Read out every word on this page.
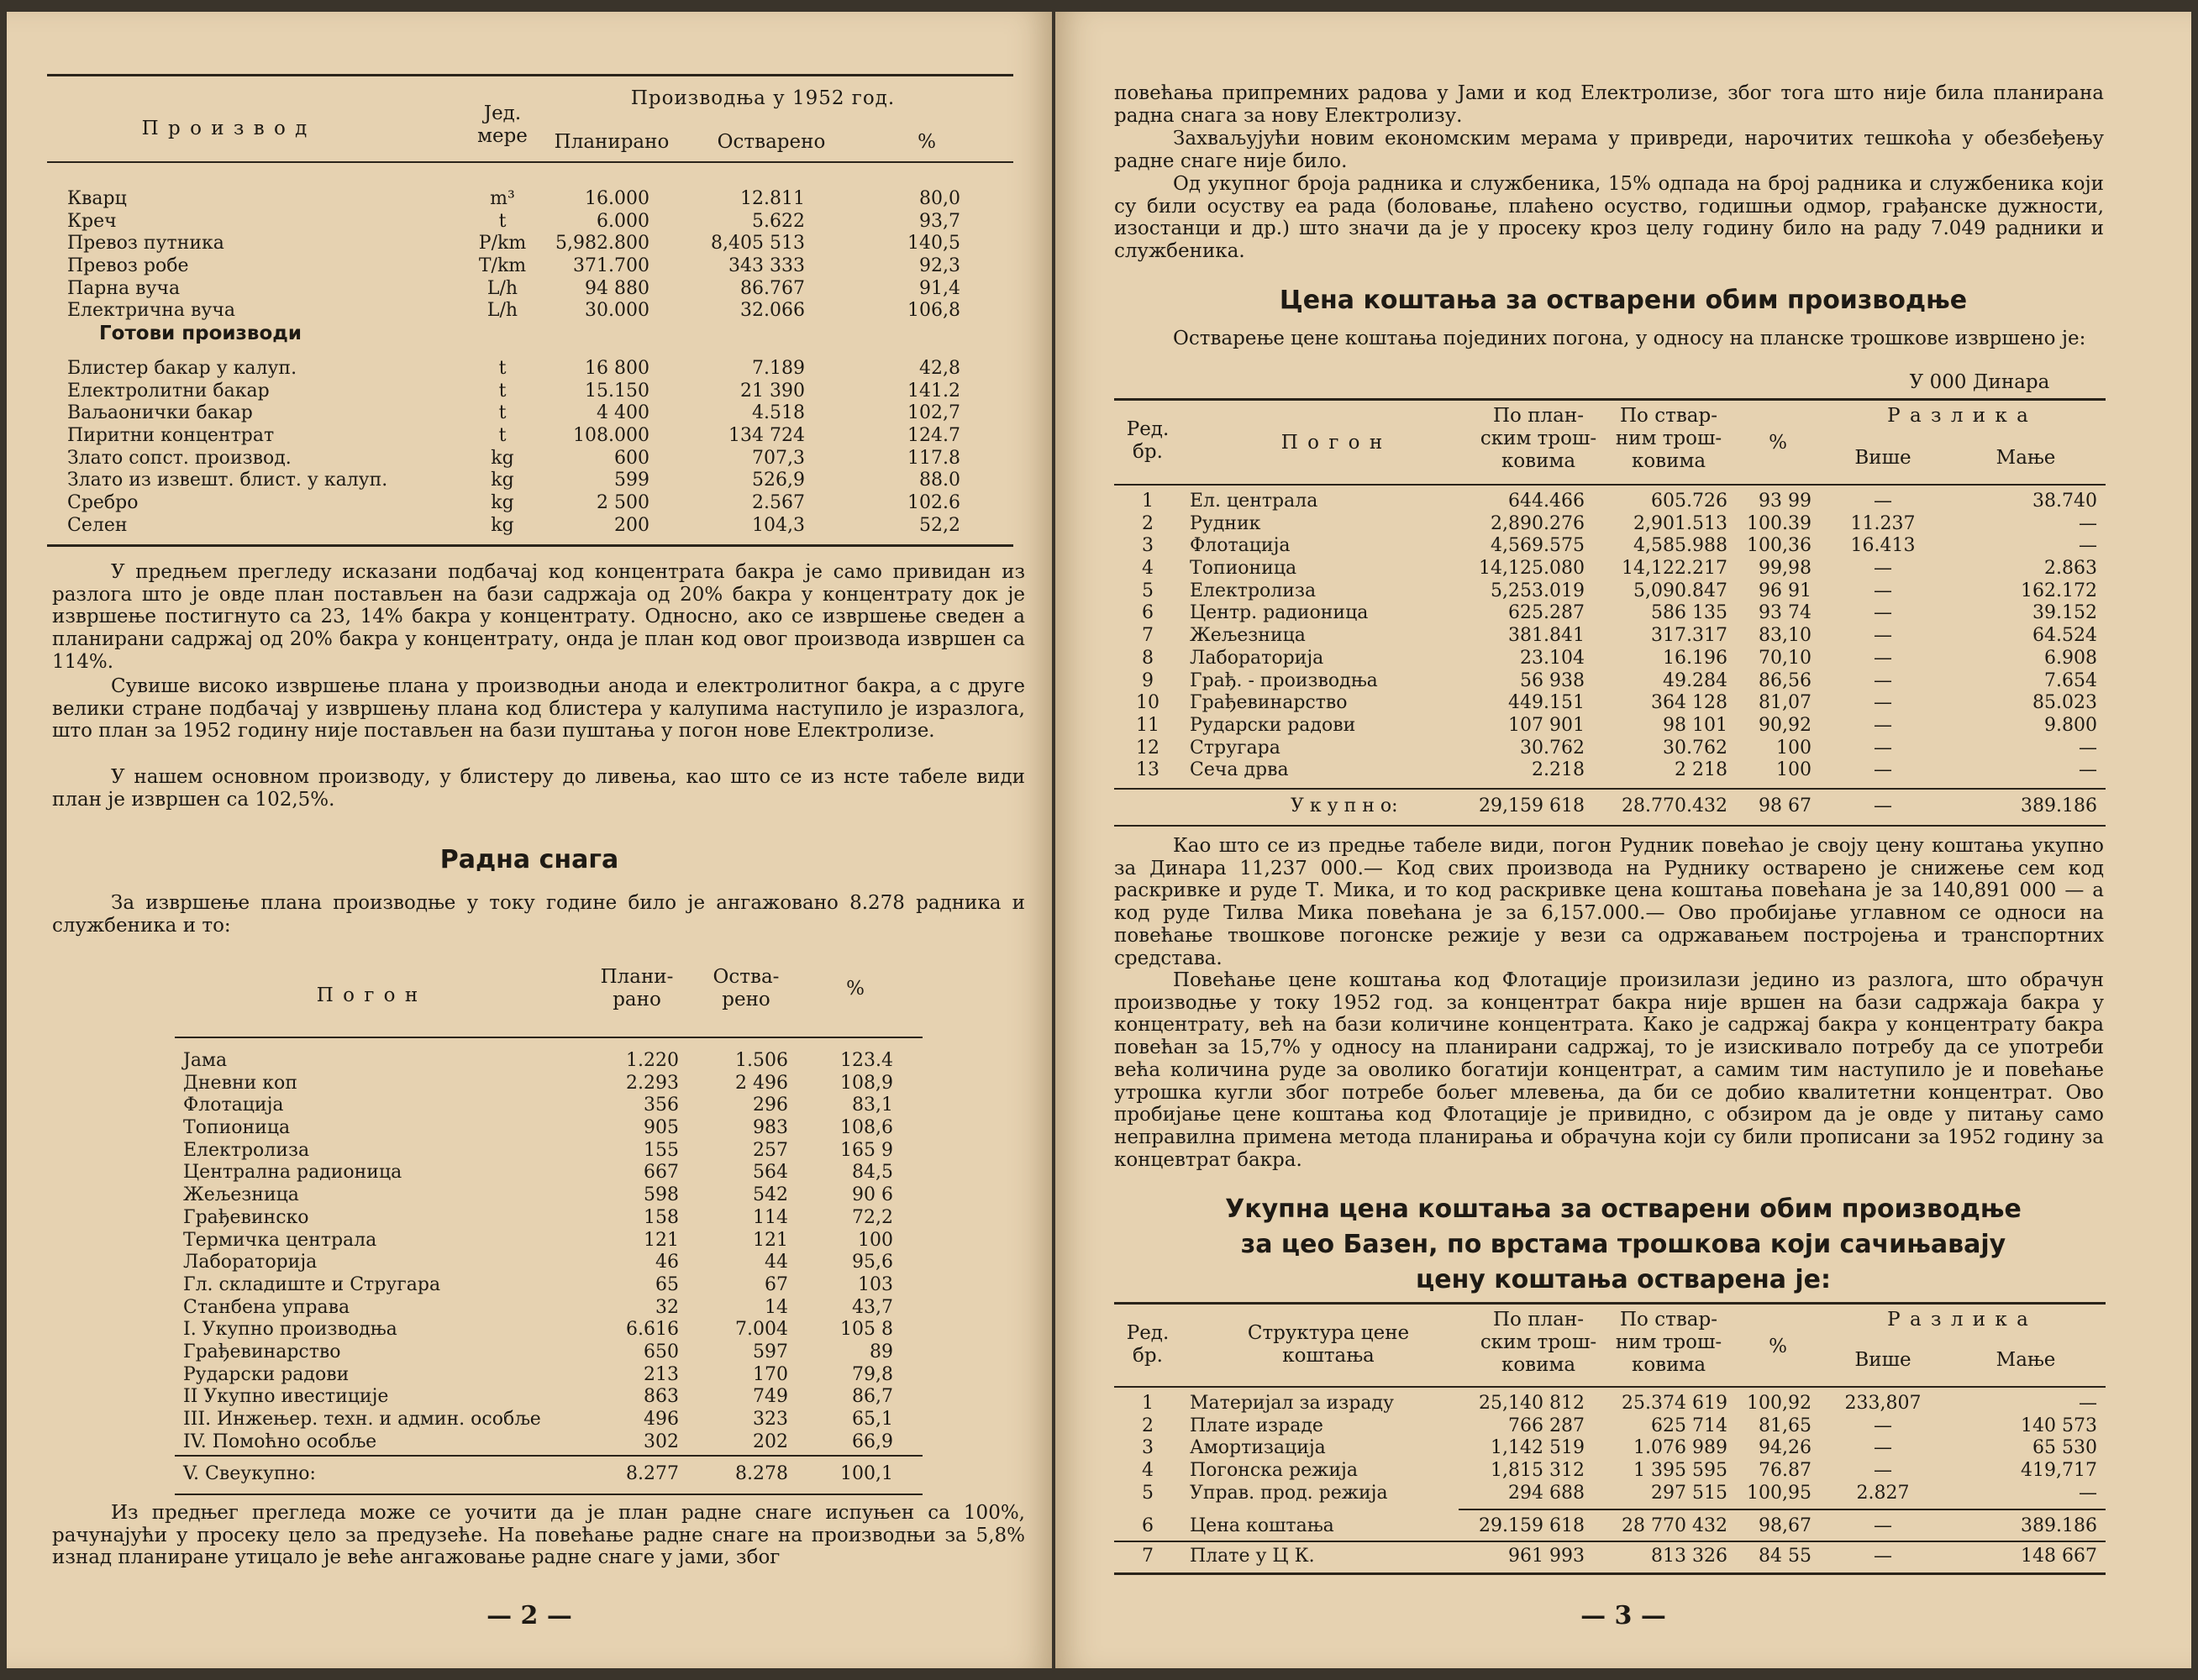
П р о и з в о д
Јед.
мере
Производња у 1952 год.
Планирано	Остварено	%
Кварц	m³	16.000	12.811	80,0
Креч	t	6.000	5.622	93,7
Превоз путника	P/km	5,982.800	8,405 513	140,5
Превоз робе	T/km	371.700	343 333	92,3
Парна вуча	L/h	94 880	86.767	91,4
Електрична вуча	L/h	30.000	32.066	106,8
Готови производи
Блистер бакар у калуп.	t	16 800	7.189	42,8
Електролитни бакар	t	15.150	21 390	141.2
Ваљаонички бакар	t	4 400	4.518	102,7
Пиритни концентрат	t	108.000	134 724	124.7
Злато сопст. производ.	kg	600	707,3	117.8
Злато из извешт. блист. у калуп.	kg	599	526,9	88.0
Сребро	kg	2 500	2.567	102.6
Селен	kg	200	104,3	52,2

У предњем прегледу исказани подбачај код концентрата бакра је само привидан из разлога што је овде план постављен на бази садржаја од 20% бакра у концентрату док је извршење постигнуто са 23, 14% бакра у концентрату. Односно, ако се извршење сведен а планирани садржај од 20% бакра у концентрату, онда је план код овог производа извршен са 114%.

Сувише високо извршење плана у производњи анода и електролитног бакра, а с друге велики стране подбачај у извршењу плана код блистера у калупима наступило је изразлога, што план за 1952 годину није постављен на бази пуштања у погон нове Електролизе.

У нашем основном производу, у блистеру до ливења, као што се из нсте табеле види план је извршен са 102,5%.

Радна снага

За извршење плана производње у току године било је ангажовано 8.278 радника и службеника и то:

П о г о н
Плани-
рано
Оства-
рено	%
Јама	1.220	1.506	123.4
Дневни коп	2.293	2 496	108,9
Флотација	356	296	83,1
Топионица	905	983	108,6
Електролиза	155	257	165 9
Централна радионица	667	564	84,5
Жељезница	598	542	90 6
Грађевинско	158	114	72,2
Термичка централа	121	121	100
Лабораторија	46	44	95,6
Гл. складиште и Стругара	65	67	103
Станбена управа	32	14	43,7
I. Укупно производња	6.616	7.004	105 8
Грађевинарство	650	597	89
Рударски радови	213	170	79,8
II Укупно ивестиције	863	749	86,7
III. Инжењер. техн. и админ. особље	496	323	65,1
IV. Помоћно особље	302	202	66,9
V. Свеукупно:	8.277	8.278	100,1

Из предњег прегледа може се уочити да је план радне снаге испуњен са 100%, рачунајући у просеку цело за предузеће. На повећање радне снаге на производњи за 5,8% изнад планиране утицало је веће ангажовање радне снаге у јами, због

— 2 —

повећања припремних радова у Јами и код Електролизе, због тога што није била планирана радна снага за нову Електролизу.

Захваљујући новим економским мерама у привреди, нарочитих тешкоћа у обезбеђењу радне снаге није било.

Од укупног броја радника и службеника, 15% одпада на број радника и службеника који су били осуству еа рада (боловање, плаћено осуство, годишњи одмор, грађанске дужности, изостанци и др.) што значи да је у просеку кроз целу годину било на раду 7.049 радники и службеника.

Цена коштања за остварени обим производње

Остварење цене коштања појединих погона, у односу на планске трошкове извршено је:

У 000 Динара
Ред.
бр.	П о г о н
По план-
ским трош-
ковима
По ствар-
ним трош-
ковима
%
Р а з л и к а
Више	Мање
1	Ел. централа	644.466	605.726	93 99	—	38.740
2	Рудник	2,890.276	2,901.513	100.39	11.237	—
3	Флотација	4,569.575	4,585.988	100,36	16.413	—
4	Топионица	14,125.080	14,122.217	99,98	—	2.863
5	Електролиза	5,253.019	5,090.847	96 91	—	162.172
6	Центр. радионица	625.287	586 135	93 74	—	39.152
7	Жељезница	381.841	317.317	83,10	—	64.524
8	Лабораторија	23.104	16.196	70,10	—	6.908
9	Грађ. - производња	56 938	49.284	86,56	—	7.654
10	Грађевинарство	449.151	364 128	81,07	—	85.023
11	Рударски радови	107 901	98 101	90,92	—	9.800
12	Стругара	30.762	30.762	100	—	—
13	Сеча дрва	2.218	2 218	100	—	—
У к у п н о:	29,159 618	28.770.432	98 67	—	389.186

Као што се из предње табеле види, погон Рудник повећао је своју цену коштања укупно за Динара 11,237 000.— Код свих производа на Руднику остварено је снижење сем код раскривке и руде Т. Мика, и то код раскривке цена коштања повећана је за 140,891 000 — а код руде Тилва Мика повећана је за 6,157.000.— Ово пробијање углавном се односи на повећање твошкове погонске режије у вези са одржавањем постројења и транспортних средстава.

Повећање цене коштања код Флотације произилази једино из разлога, што обрачун производње у току 1952 год. за концентрат бакра није вршен на бази садржаја бакра у концентрату, већ на бази количине концентрата. Како је садржај бакра у концентрату бакра повећан за 15,7% у односу на планирани садржај, то је изискивало потребу да се употреби већа количина руде за оволико богатији концентрат, а самим тим наступило је и повећање утрошка кугли због потребе бољег млевења, да би се добио квалитетни концентрат. Ово пробијање цене коштања код Флотације је привидно, с обзиром да је овде у питању само неправилна примена метода планирања и обрачуна који су били прописани за 1952 годину за концевтрат бакра.

Укупна цена коштања за остварени обим производње
за цео Базен, по врстама трошкова који сачињавају
цену коштања остварена је:
Ред.
бр.
Структура цене
коштања
По план-
ским трош-
ковима
По ствар-
ним трош-
ковима
%
Р а з л и к а
Више	Мање
1	Материјал за израду	25,140 812	25.374 619	100,92	233,807	—
2	Плате израде	766 287	625 714	81,65	—	140 573
3	Амортизација	1,142 519	1.076 989	94,26	—	65 530
4	Погонска режија	1,815 312	1 395 595	76.87	—	419,717
5	Управ. прод. режија	294 688	297 515	100,95	2.827	—
6	Цена коштања	29.159 618	28 770 432	98,67	—	389.186
7	Плате у Ц К.	961 993	813 326	84 55	—	148 667
— 3 —
